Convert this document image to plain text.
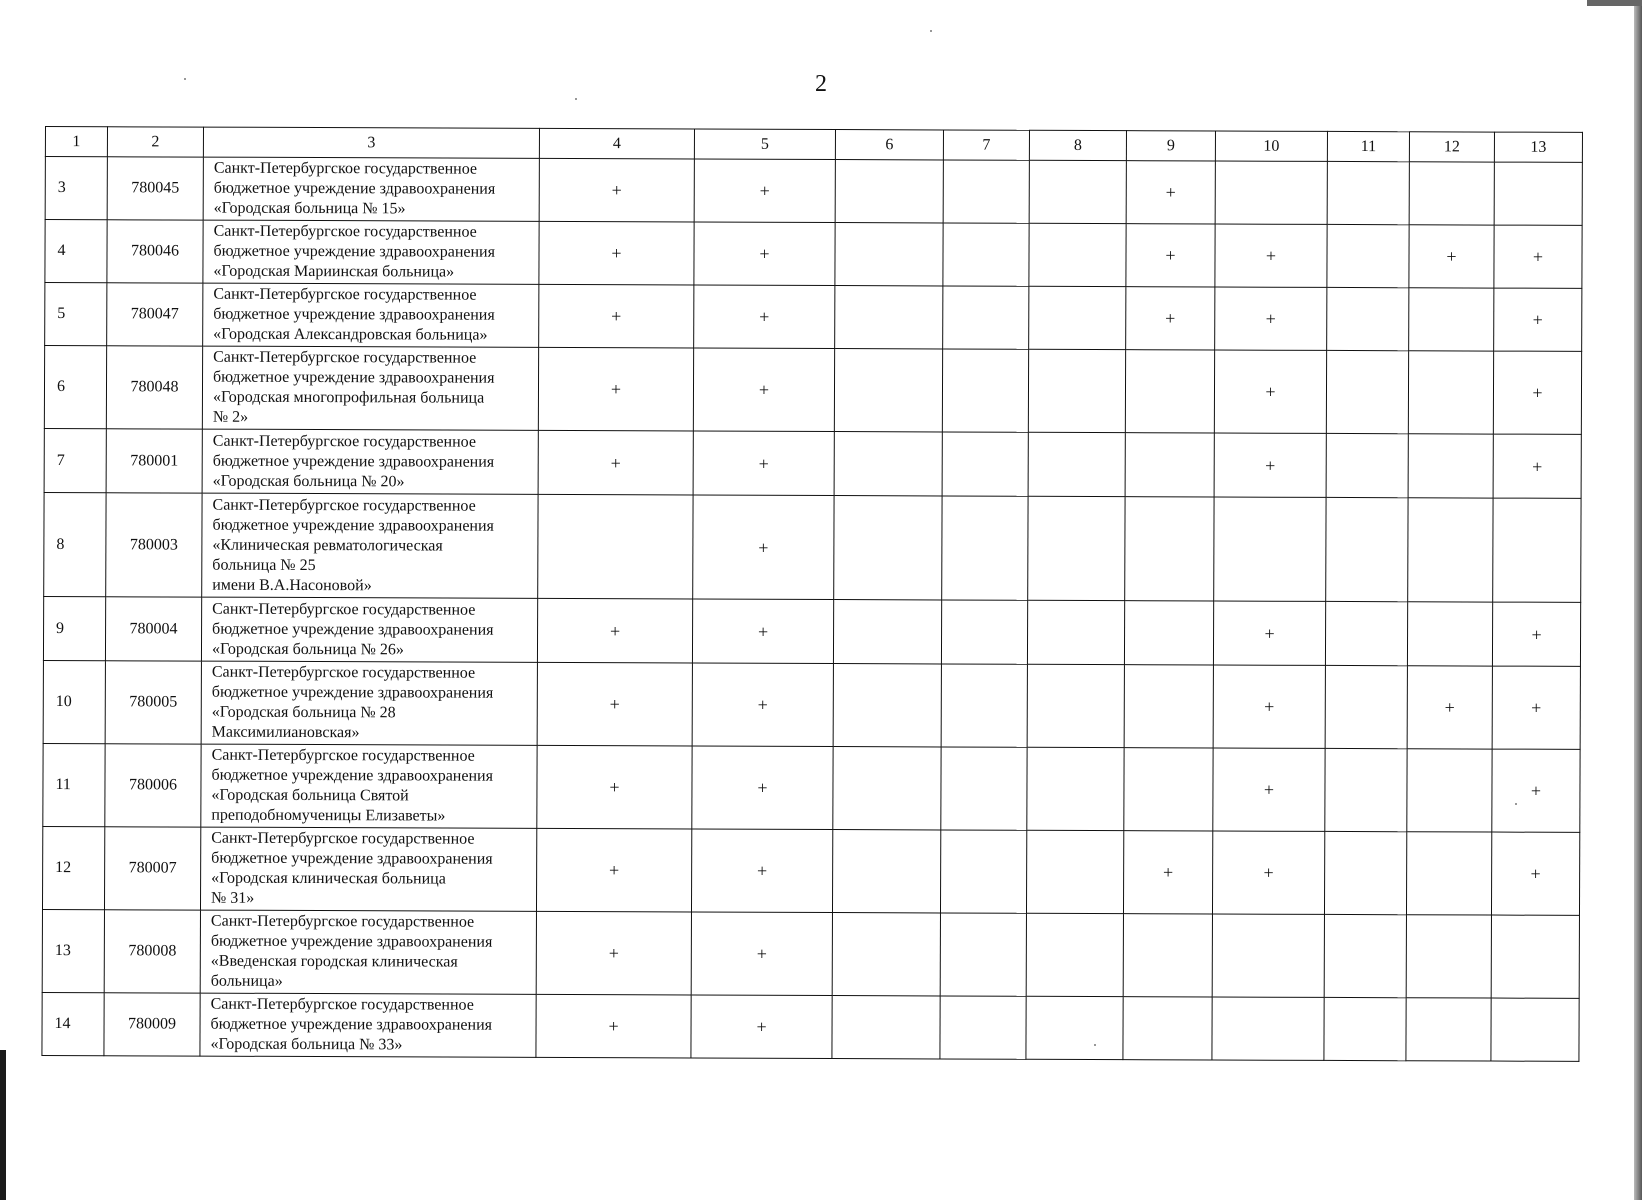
2
1	2	3	4	5	6	7	8	9	10	11	12	13
3	780045	Санкт-Петербургское государственное
бюджетное учреждение здравоохранения
«Городская больница № 15»	+	+				+				
4	780046	Санкт-Петербургское государственное
бюджетное учреждение здравоохранения
«Городская Мариинская больница»	+	+				+	+		+	+
5	780047	Санкт-Петербургское государственное
бюджетное учреждение здравоохранения
«Городская Александровская больница»	+	+				+	+			+
6	780048	Санкт-Петербургское государственное
бюджетное учреждение здравоохранения
«Городская многопрофильная больница
№ 2»	+	+					+			+
7	780001	Санкт-Петербургское государственное
бюджетное учреждение здравоохранения
«Городская больница № 20»	+	+					+			+
8	780003	Санкт-Петербургское государственное
бюджетное учреждение здравоохранения
«Клиническая ревматологическая
больница № 25
имени В.А.Насоновой»		+								
9	780004	Санкт-Петербургское государственное
бюджетное учреждение здравоохранения
«Городская больница № 26»	+	+					+			+
10	780005	Санкт-Петербургское государственное
бюджетное учреждение здравоохранения
«Городская больница № 28
Максимилиановская»	+	+					+		+	+
11	780006	Санкт-Петербургское государственное
бюджетное учреждение здравоохранения
«Городская больница Святой
преподобномученицы Елизаветы»	+	+					+			+
12	780007	Санкт-Петербургское государственное
бюджетное учреждение здравоохранения
«Городская клиническая больница
№ 31»	+	+				+	+			+
13	780008	Санкт-Петербургское государственное
бюджетное учреждение здравоохранения
«Введенская городская клиническая
больница»	+	+								
14	780009	Санкт-Петербургское государственное
бюджетное учреждение здравоохранения
«Городская больница № 33»	+	+								
